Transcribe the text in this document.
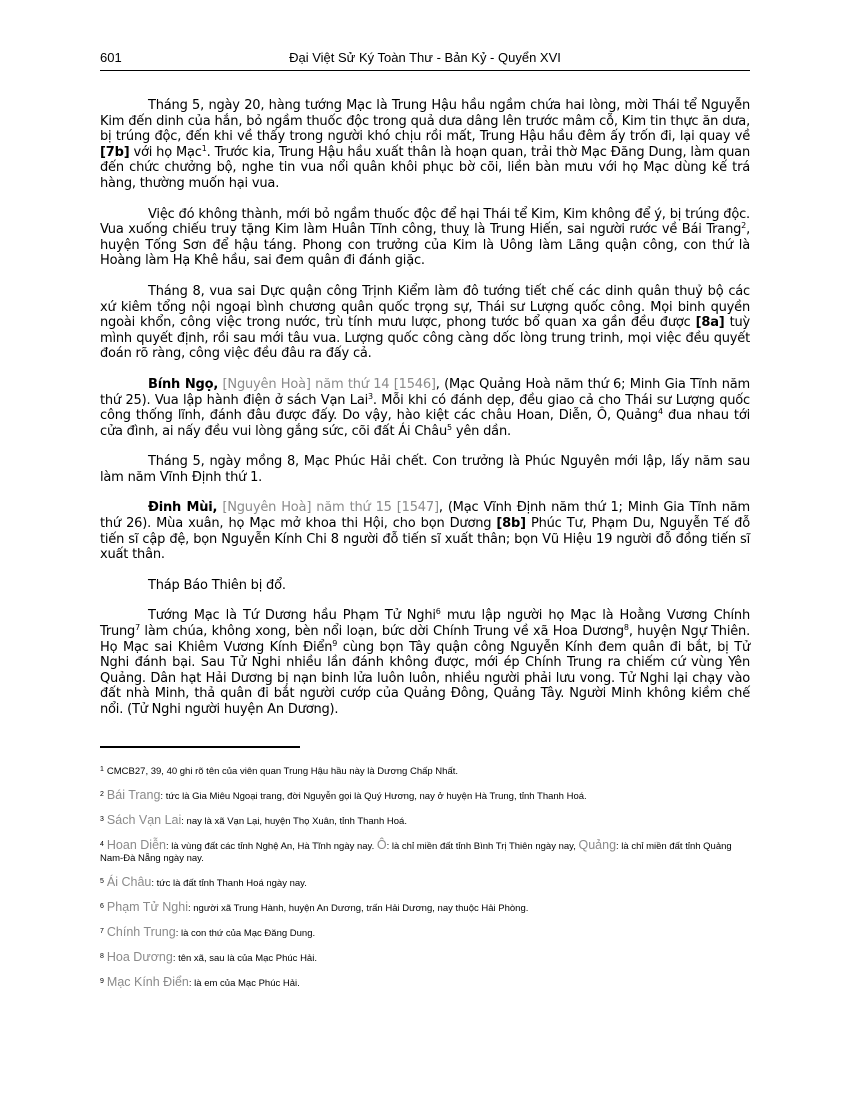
601	Đại Việt Sử Ký Toàn Thư - Bản Kỷ - Quyển XVI

Tháng 5, ngày 20, hàng tướng Mạc là Trung Hậu hầu ngầm chứa hai lòng, mời Thái tể Nguyễn Kim đến dinh của hắn, bỏ ngầm thuốc độc trong quả dưa dâng lên trước mâm cỗ, Kim tin thực ăn dưa, bị trúng độc, đến khi về thấy trong người khó chịu rồi mất, Trung Hậu hầu đêm ấy trốn đi, lại quay về [7b] với họ Mạc$^1$. Trước kia, Trung Hậu hầu xuất thân là hoạn quan, trải thờ Mạc Đăng Dung, làm quan đến chức chưởng bộ, nghe tin vua nổi quân khôi phục bờ cõi, liền bàn mưu với họ Mạc dùng kế trá hàng, thường muốn hại vua.

Việc đó không thành, mới bỏ ngầm thuốc độc để hại Thái tể Kim, Kim không để ý, bị trúng độc. Vua xuống chiếu truy tặng Kim làm Huân Tĩnh công, thuỵ là Trung Hiến, sai người rước về Bái Trang$^2$, huyện Tống Sơn để hậu táng. Phong con trưởng của Kim là Uông làm Lãng quận công, con thứ là Hoàng làm Hạ Khê hầu, sai đem quân đi đánh giặc.

Tháng 8, vua sai Dực quận công Trịnh Kiểm làm đô tướng tiết chế các dinh quân thuỷ bộ các xứ kiêm tổng nội ngoại bình chương quân quốc trọng sự, Thái sư Lượng quốc công. Mọi binh quyền ngoài khổn, công việc trong nước, trù tính mưu lược, phong tước bổ quan xa gần đều được [8a] tuỳ mình quyết định, rồi sau mới tâu vua. Lượng quốc công càng dốc lòng trung trinh, mọi việc đều quyết đoán rõ ràng, công việc đều đâu ra đấy cả.

Bính Ngọ, [Nguyên Hoà] năm thứ 14 [1546], (Mạc Quảng Hoà năm thứ 6; Minh Gia Tĩnh năm thứ 25). Vua lập hành điện ở sách Vạn Lai$^3$. Mỗi khi có đánh dẹp, đều giao cả cho Thái sư Lượng quốc công thống lĩnh, đánh đâu được đấy. Do vậy, hào kiệt các châu Hoan, Diễn, Ô, Quảng$^4$ đua nhau tới cửa đình, ai nấy đều vui lòng gắng sức, cõi đất Ái Châu$^5$ yên dần.

Tháng 5, ngày mồng 8, Mạc Phúc Hải chết. Con trưởng là Phúc Nguyên mới lập, lấy năm sau làm năm Vĩnh Định thứ 1.

Đinh Mùi, [Nguyên Hoà] năm thứ 15 [1547], (Mạc Vĩnh Định năm thứ 1; Minh Gia Tĩnh năm thứ 26). Mùa xuân, họ Mạc mở khoa thi Hội, cho bọn Dương [8b] Phúc Tư, Phạm Du, Nguyễn Tế đỗ tiến sĩ cập đệ, bọn Nguyễn Kính Chi 8 người đỗ tiến sĩ xuất thân; bọn Vũ Hiệu 19 người đỗ đồng tiến sĩ xuất thân.

Tháp Báo Thiên bị đổ.

Tướng Mạc là Tứ Dương hầu Phạm Tử Nghi$^6$ mưu lập người họ Mạc là Hoằng Vương Chính Trung$^7$ làm chúa, không xong, bèn nổi loạn, bức dời Chính Trung về xã Hoa Dương$^8$, huyện Ngự Thiên. Họ Mạc sai Khiêm Vương Kính Điển$^9$ cùng bọn Tây quận công Nguyễn Kính đem quân đi bắt, bị Tử Nghi đánh bại. Sau Tử Nghi nhiều lần đánh không được, mới ép Chính Trung ra chiếm cứ vùng Yên Quảng. Dân hạt Hải Dương bị nạn binh lửa luôn luôn, nhiều người phải lưu vong. Tử Nghi lại chạy vào đất nhà Minh, thả quân đi bắt người cướp của Quảng Đông, Quảng Tây. Người Minh không kiềm chế nổi. (Tử Nghi người huyện An Dương).

$^1$ CMCB27, 39, 40 ghi rõ tên của viên quan Trung Hậu hầu này là Dương Chấp Nhất.
$^2$ Bái Trang: tức là Gia Miêu Ngoại trang, đời Nguyễn gọi là Quý Hương, nay ở huyện Hà Trung, tỉnh Thanh Hoá.
$^3$ Sách Vạn Lai: nay là xã Vạn Lại, huyện Thọ Xuân, tỉnh Thanh Hoá.
$^4$ Hoan Diễn: là vùng đất các tỉnh Nghệ An, Hà Tĩnh ngày nay. Ô: là chỉ miền đất tỉnh Bình Trị Thiên ngày nay, Quảng: là chỉ miền đất tỉnh Quảng Nam-Đà Nẵng ngày nay.
$^5$ Ái Châu: tức là đất tỉnh Thanh Hoá ngày nay.
$^6$ Phạm Tử Nghi: người xã Trung Hành, huyện An Dương, trấn Hải Dương, nay thuộc Hải Phòng.
$^7$ Chính Trung: là con thứ của Mạc Đăng Dung.
$^8$ Hoa Dương: tên xã, sau là của Mạc Phúc Hải.
$^9$ Mạc Kính Điển: là em của Mạc Phúc Hải.
